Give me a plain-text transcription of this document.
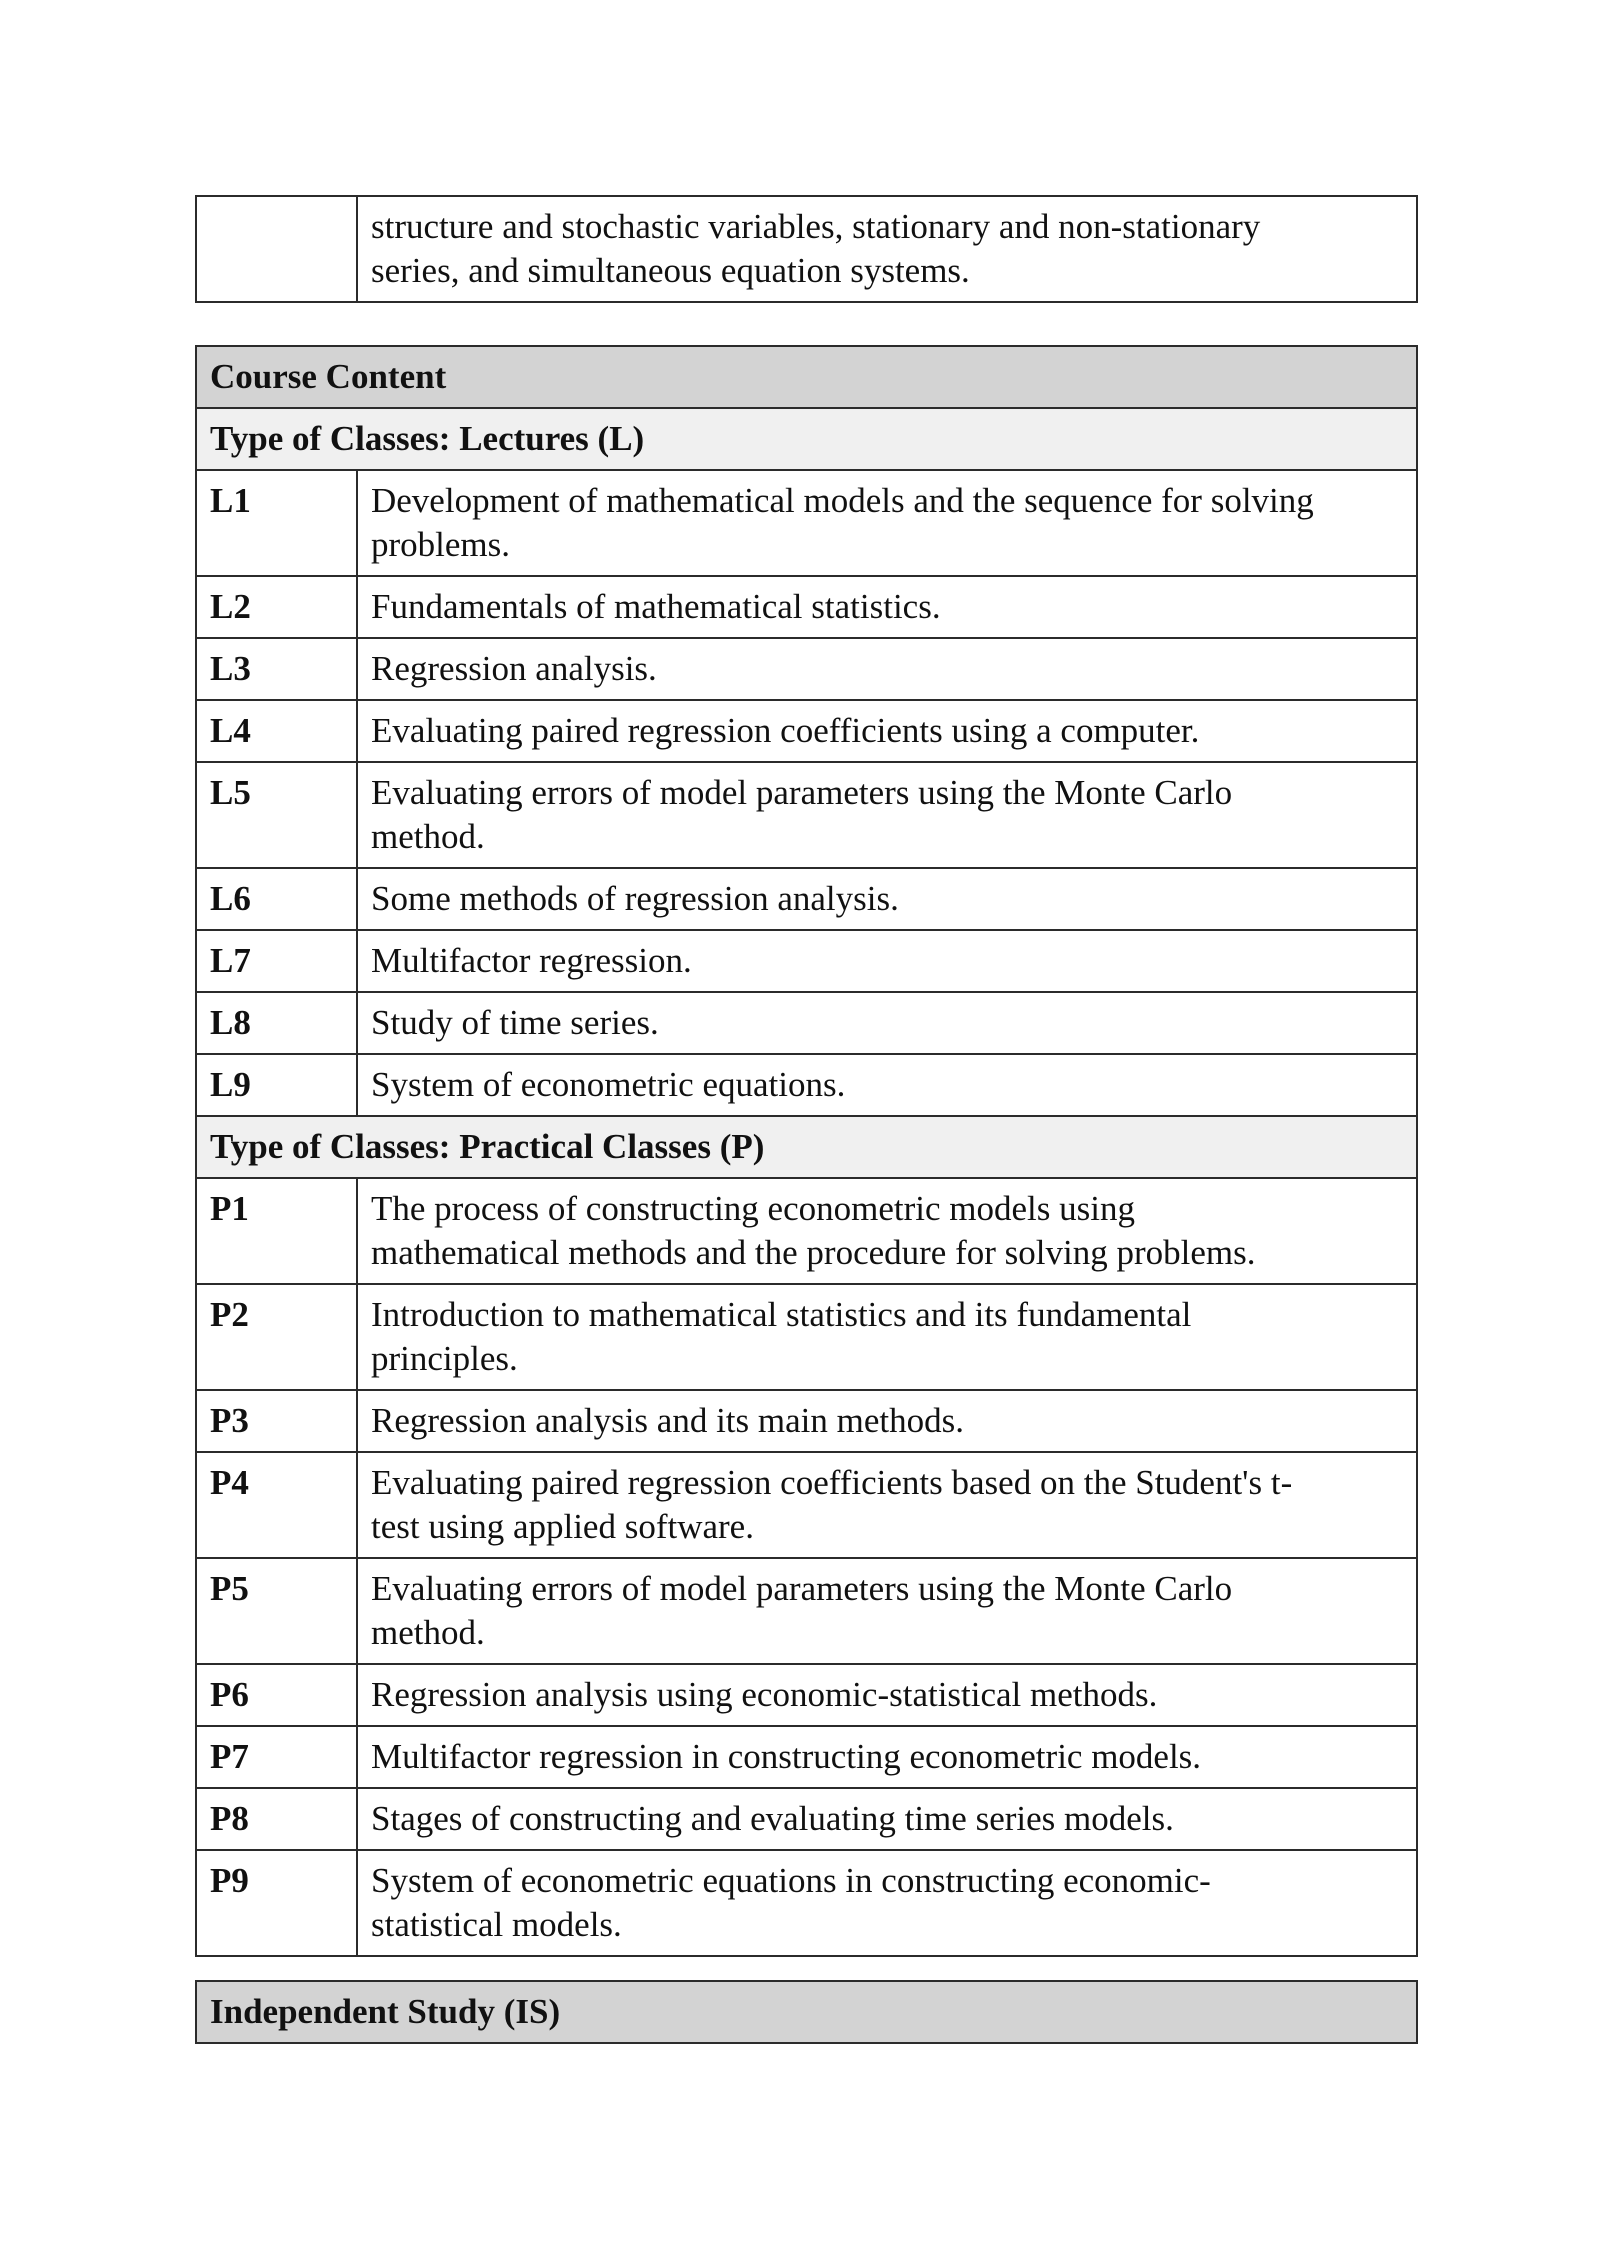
structure and stochastic variables, stationary and non-stationary
series, and simultaneous equation systems.
Course Content	
Type of Classes: Lectures (L)	
L1	Development of mathematical models and the sequence for solving
problems.

L2	Fundamentals of mathematical statistics.

L3	Regression analysis.

L4	Evaluating paired regression coefficients using a computer.

L5	Evaluating errors of model parameters using the Monte Carlo
method.

L6	Some methods of regression analysis.

L7	Multifactor regression.

L8	Study of time series.

L9	System of econometric equations.

Type of Classes: Practical Classes (P)	
P1	The process of constructing econometric models using
mathematical methods and the procedure for solving problems.

P2	Introduction to mathematical statistics and its fundamental
principles.

P3	Regression analysis and its main methods.

P4	Evaluating paired regression coefficients based on the Student's t-
test using applied software.

P5	Evaluating errors of model parameters using the Monte Carlo
method.

P6	Regression analysis using economic-statistical methods.

P7	Multifactor regression in constructing econometric models.

P8	Stages of constructing and evaluating time series models.

P9	System of econometric equations in constructing economic-
statistical models.
Independent Study (IS)
